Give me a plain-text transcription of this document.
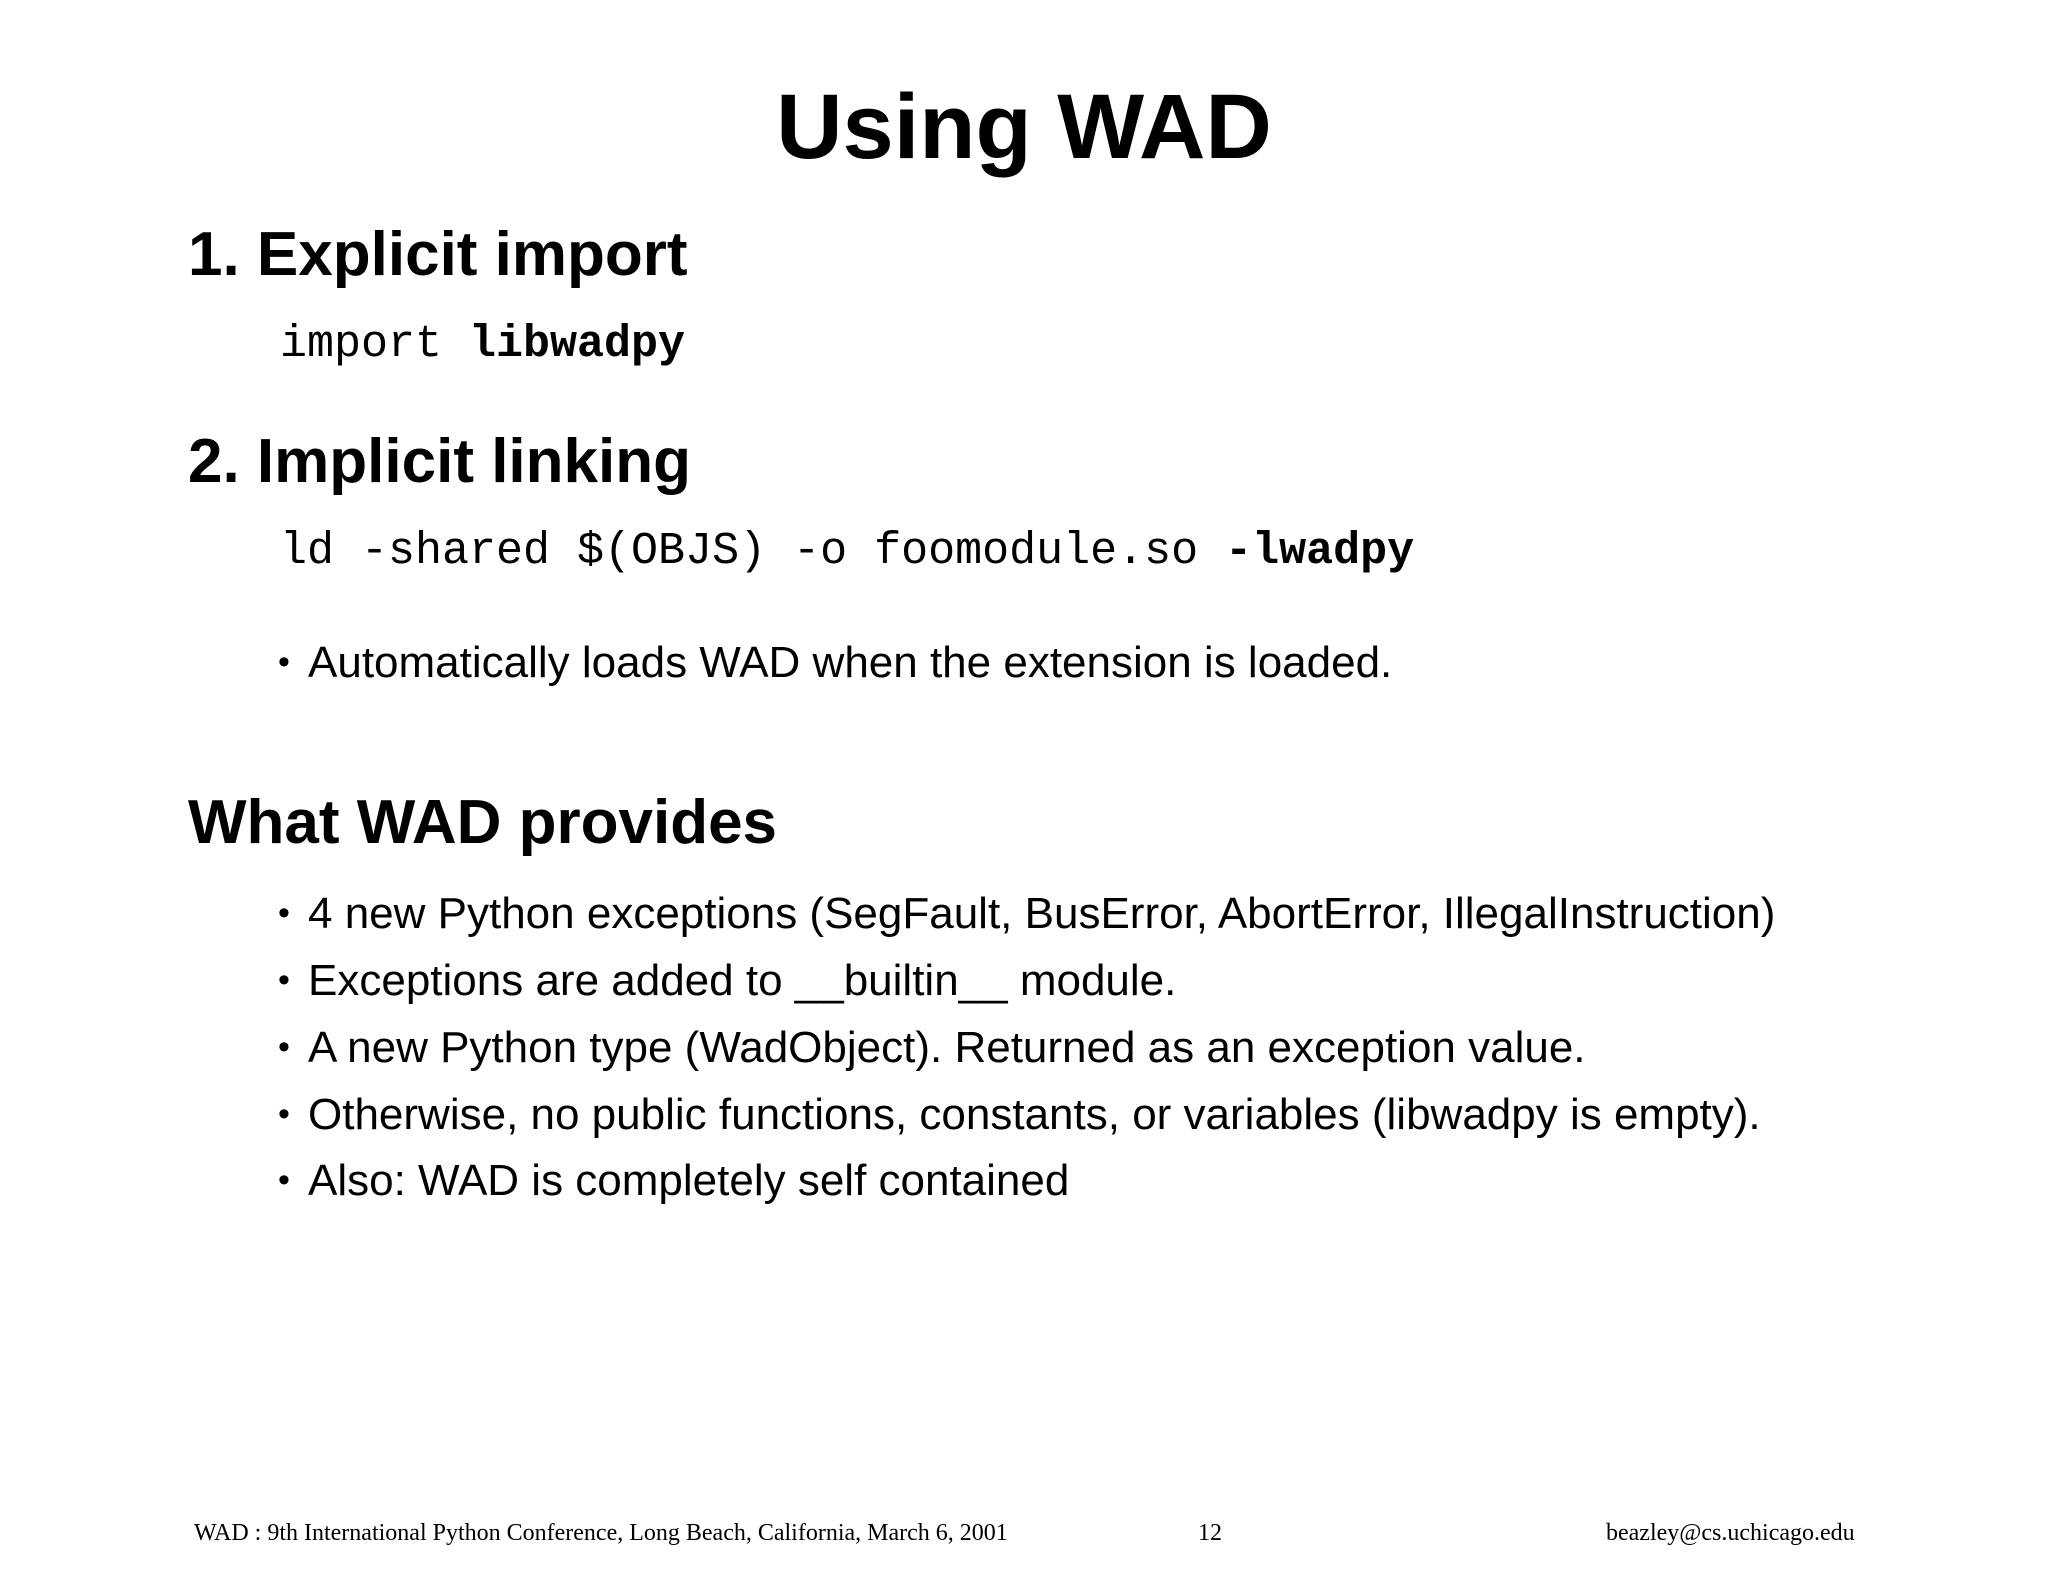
Using WAD
1. Explicit import
import libwadpy
2. Implicit linking
ld -shared $(OBJS) -o foomodule.so -lwadpy
• Automatically loads WAD when the extension is loaded.
What WAD provides
• 4 new Python exceptions (SegFault, BusError, AbortError, IllegalInstruction)
• Exceptions are added to __builtin__ module.
• A new Python type (WadObject). Returned as an exception value.
• Otherwise, no public functions, constants, or variables (libwadpy is empty).
• Also: WAD is completely self contained
WAD : 9th International Python Conference, Long Beach, California, March 6, 2001	12	beazley@cs.uchicago.edu
